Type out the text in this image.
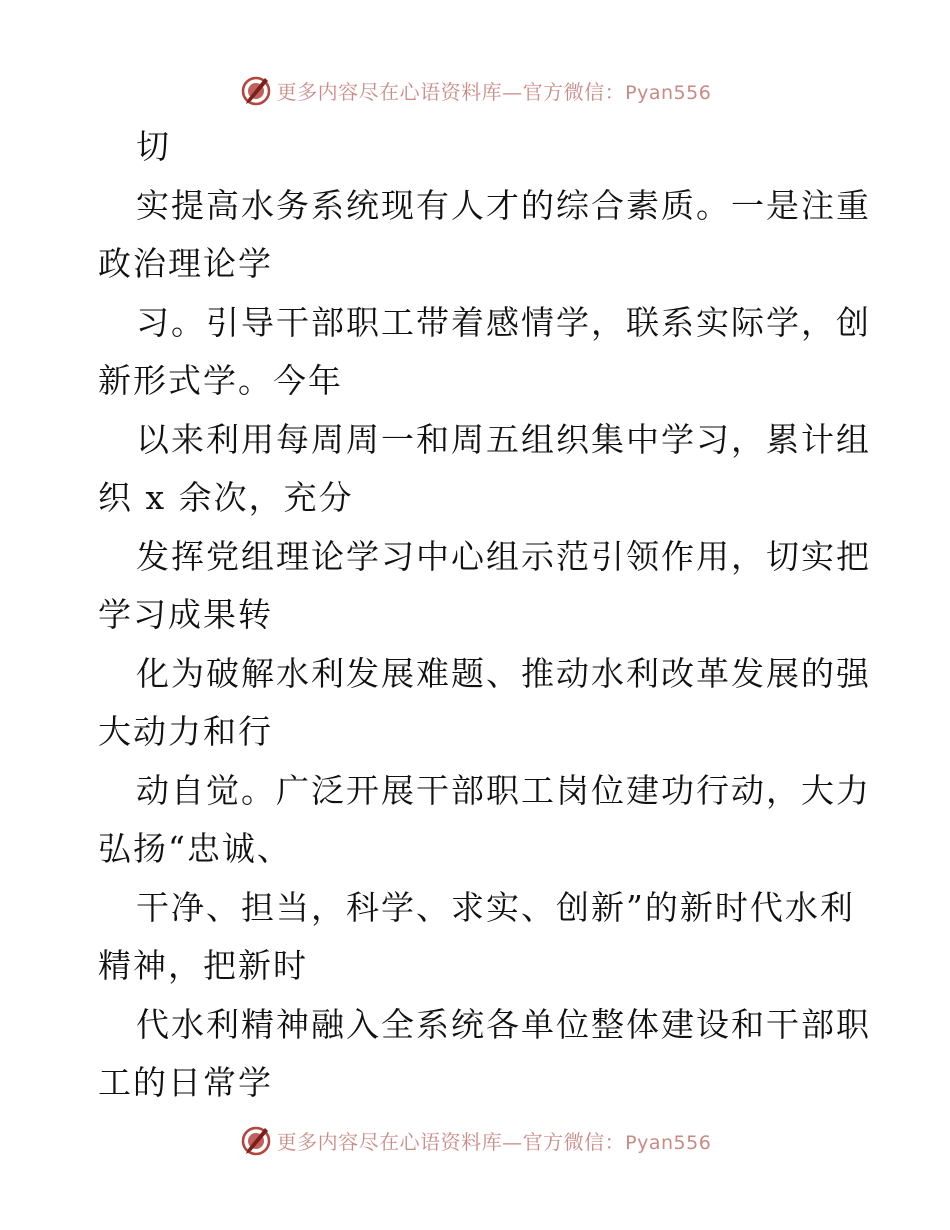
更多内容尽在心语资料库—官方微信：Pyan556
切
实提高水务系统现有人才的综合素质。一是注重
政治理论学
习。引导干部职工带着感情学，联系实际学，创
新形式学。今年
以来利用每周周一和周五组织集中学习，累计组
织 x 余次，充分
发挥党组理论学习中心组示范引领作用，切实把
学习成果转
化为破解水利发展难题、推动水利改革发展的强
大动力和行
动自觉。广泛开展干部职工岗位建功行动，大力
弘扬“忠诚、
干净、担当，科学、求实、创新”的新时代水利
精神，把新时
代水利精神融入全系统各单位整体建设和干部职
工的日常学
更多内容尽在心语资料库—官方微信：Pyan556
